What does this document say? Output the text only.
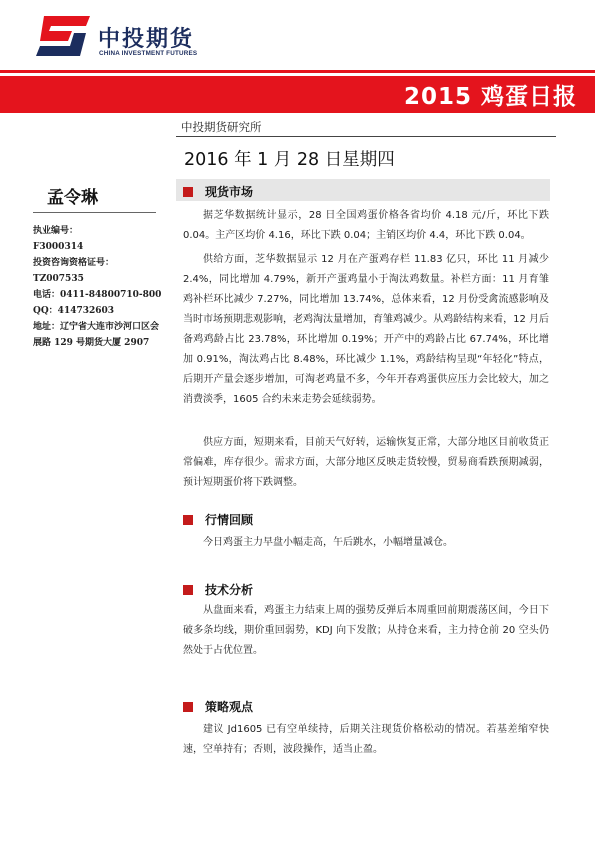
中投期货
CHINA INVESTMENT FUTURES
2015 鸡蛋日报
中投期货研究所
2016 年 1 月 28 日星期四
孟令琳
执业编号：
F3000314
投资咨询资格证号：
TZ007535
电话：0411-84800710-800
QQ：414732603
地址：辽宁省大连市沙河口区会展路 129 号期货大厦 2907
现货市场

据芝华数据统计显示，28 日全国鸡蛋价格各省均价 4.18 元/斤，环比下跌 0.04。主产区均价 4.16，环比下跌 0.04；主销区均价 4.4，环比下跌 0.04。

供给方面，芝华数据显示 12 月在产蛋鸡存栏 11.83 亿只，环比 11 月减少 2.4%，同比增加 4.79%，新开产蛋鸡量小于淘汰鸡数量。补栏方面：11 月育雏鸡补栏环比减少 7.27%，同比增加 13.74%，总体来看，12 月份受禽流感影响及当时市场预期悲观影响，老鸡淘汰量增加，育雏鸡减少。从鸡龄结构来看，12 月后备鸡鸡龄占比 23.78%，环比增加 0.19%；开产中的鸡龄占比 67.74%，环比增加 0.91%，淘汰鸡占比 8.48%，环比减少 1.1%，鸡龄结构呈现“年轻化”特点，后期开产量会逐步增加，可淘老鸡量不多，今年开春鸡蛋供应压力会比较大，加之消费淡季，1605 合约未来走势会延续弱势。

供应方面，短期来看，目前天气好转，运输恢复正常，大部分地区目前收货正常偏难，库存很少。需求方面，大部分地区反映走货较慢，贸易商看跌预期减弱，预计短期蛋价将下跌调整。

行情回顾

今日鸡蛋主力早盘小幅走高，午后跳水，小幅增量减仓。

技术分析

从盘面来看，鸡蛋主力结束上周的强势反弹后本周重回前期震荡区间，今日下破多条均线，期价重回弱势，KDJ 向下发散；从持仓来看，主力持仓前 20 空头仍然处于占优位置。

策略观点

建议 Jd1605 已有空单续持，后期关注现货价格松动的情况。若基差缩窄快速，空单持有；否则，波段操作，适当止盈。
